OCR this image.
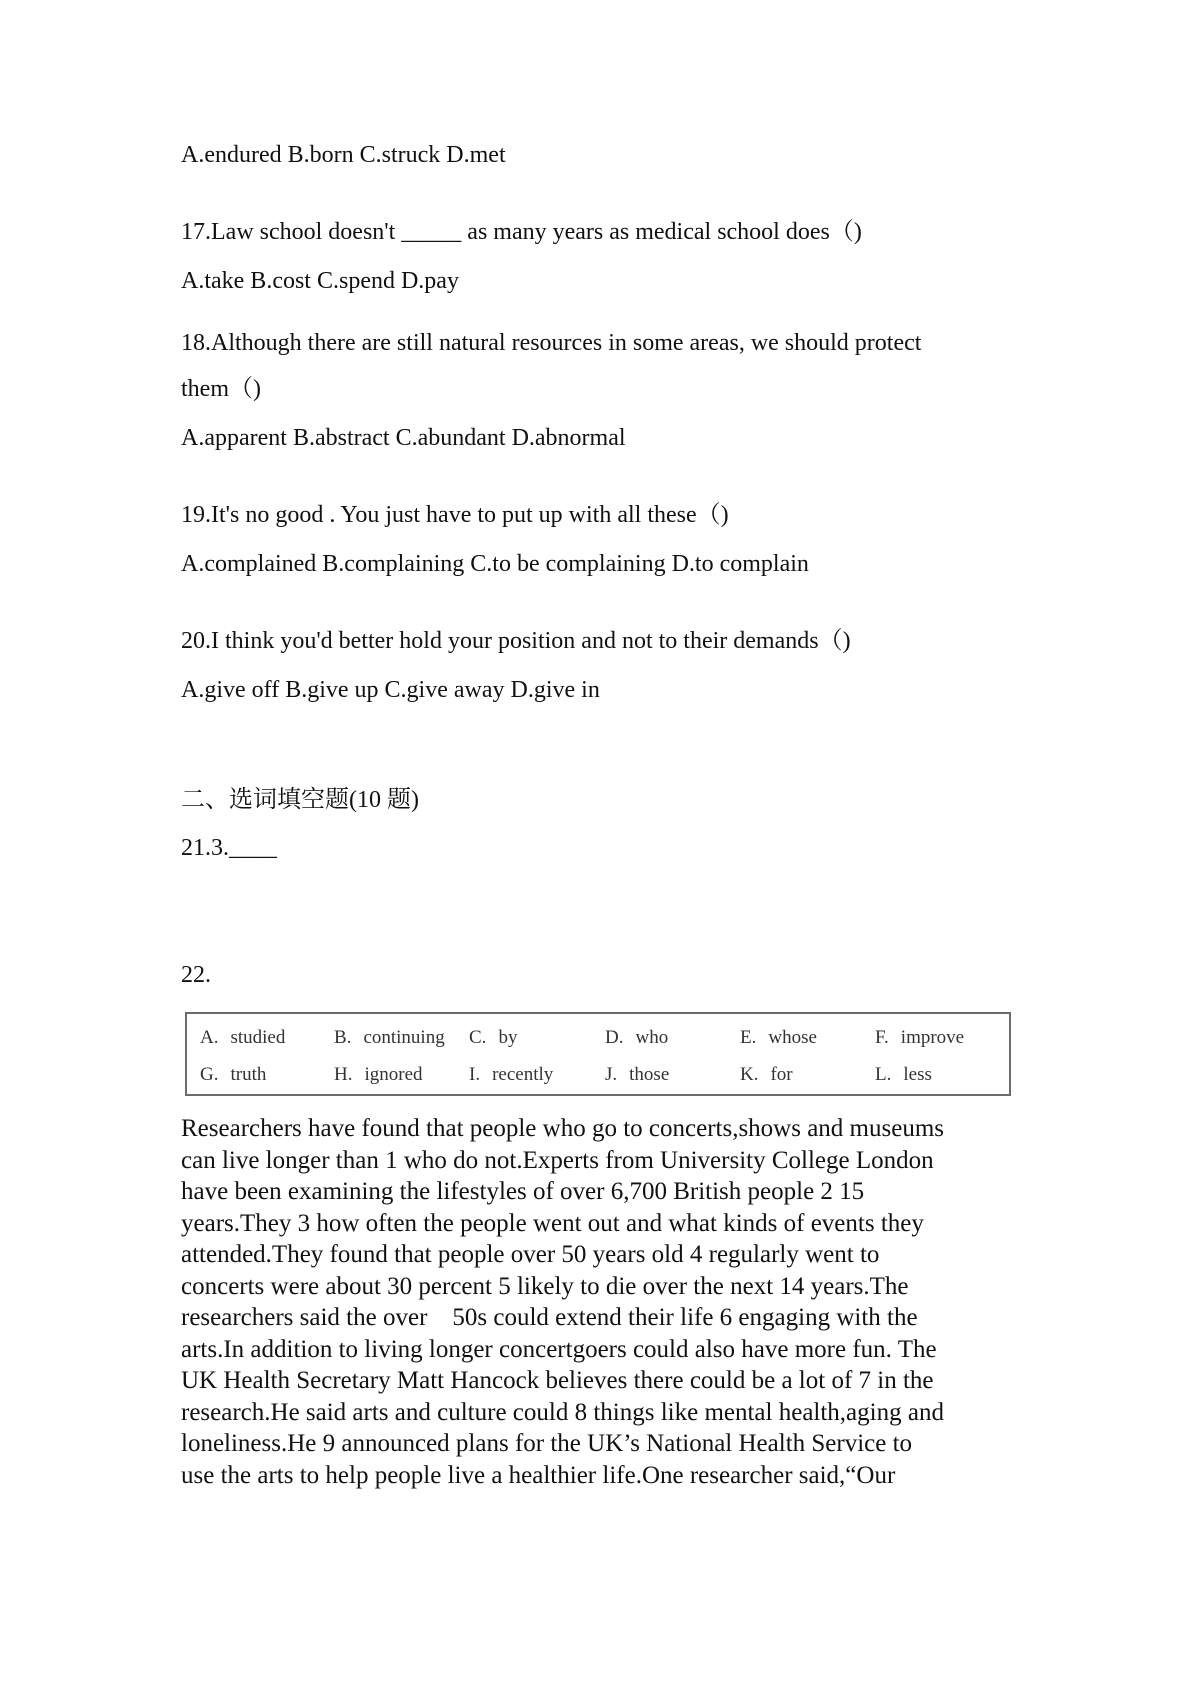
A.endured B.born C.struck D.met
17.Law school doesn't _____ as many years as medical school does（)
A.take B.cost C.spend D.pay
18.Although there are still natural resources in some areas, we should protect
them（)
A.apparent B.abstract C.abundant D.abnormal
19.It's no good . You just have to put up with all these（)
A.complained B.complaining C.to be complaining D.to complain
20.I think you'd better hold your position and not to their demands（)
A.give off B.give up C.give away D.give in
二、选词填空题(10 题)
21.3.____
22.
A. studied	B. continuing C. by	D. who	E. whose	F. improve
G. truth	H. ignored I. recently	J. those	K. for	L. less
Researchers have found that people who go to concerts,shows and museums
can live longer than 1 who do not.Experts from University College London
have been examining the lifestyles of over 6,700 British people 2 15
years.They 3 how often the people went out and what kinds of events they
attended.They found that people over 50 years old 4 regularly went to
concerts were about 30 percent 5 likely to die over the next 14 years.The
researchers said the over    50s could extend their life 6 engaging with the
arts.In addition to living longer concertgoers could also have more fun. The
UK Health Secretary Matt Hancock believes there could be a lot of 7 in the
research.He said arts and culture could 8 things like mental health,aging and
loneliness.He 9 announced plans for the UK’s National Health Service to
use the arts to help people live a healthier life.One researcher said,“Our
